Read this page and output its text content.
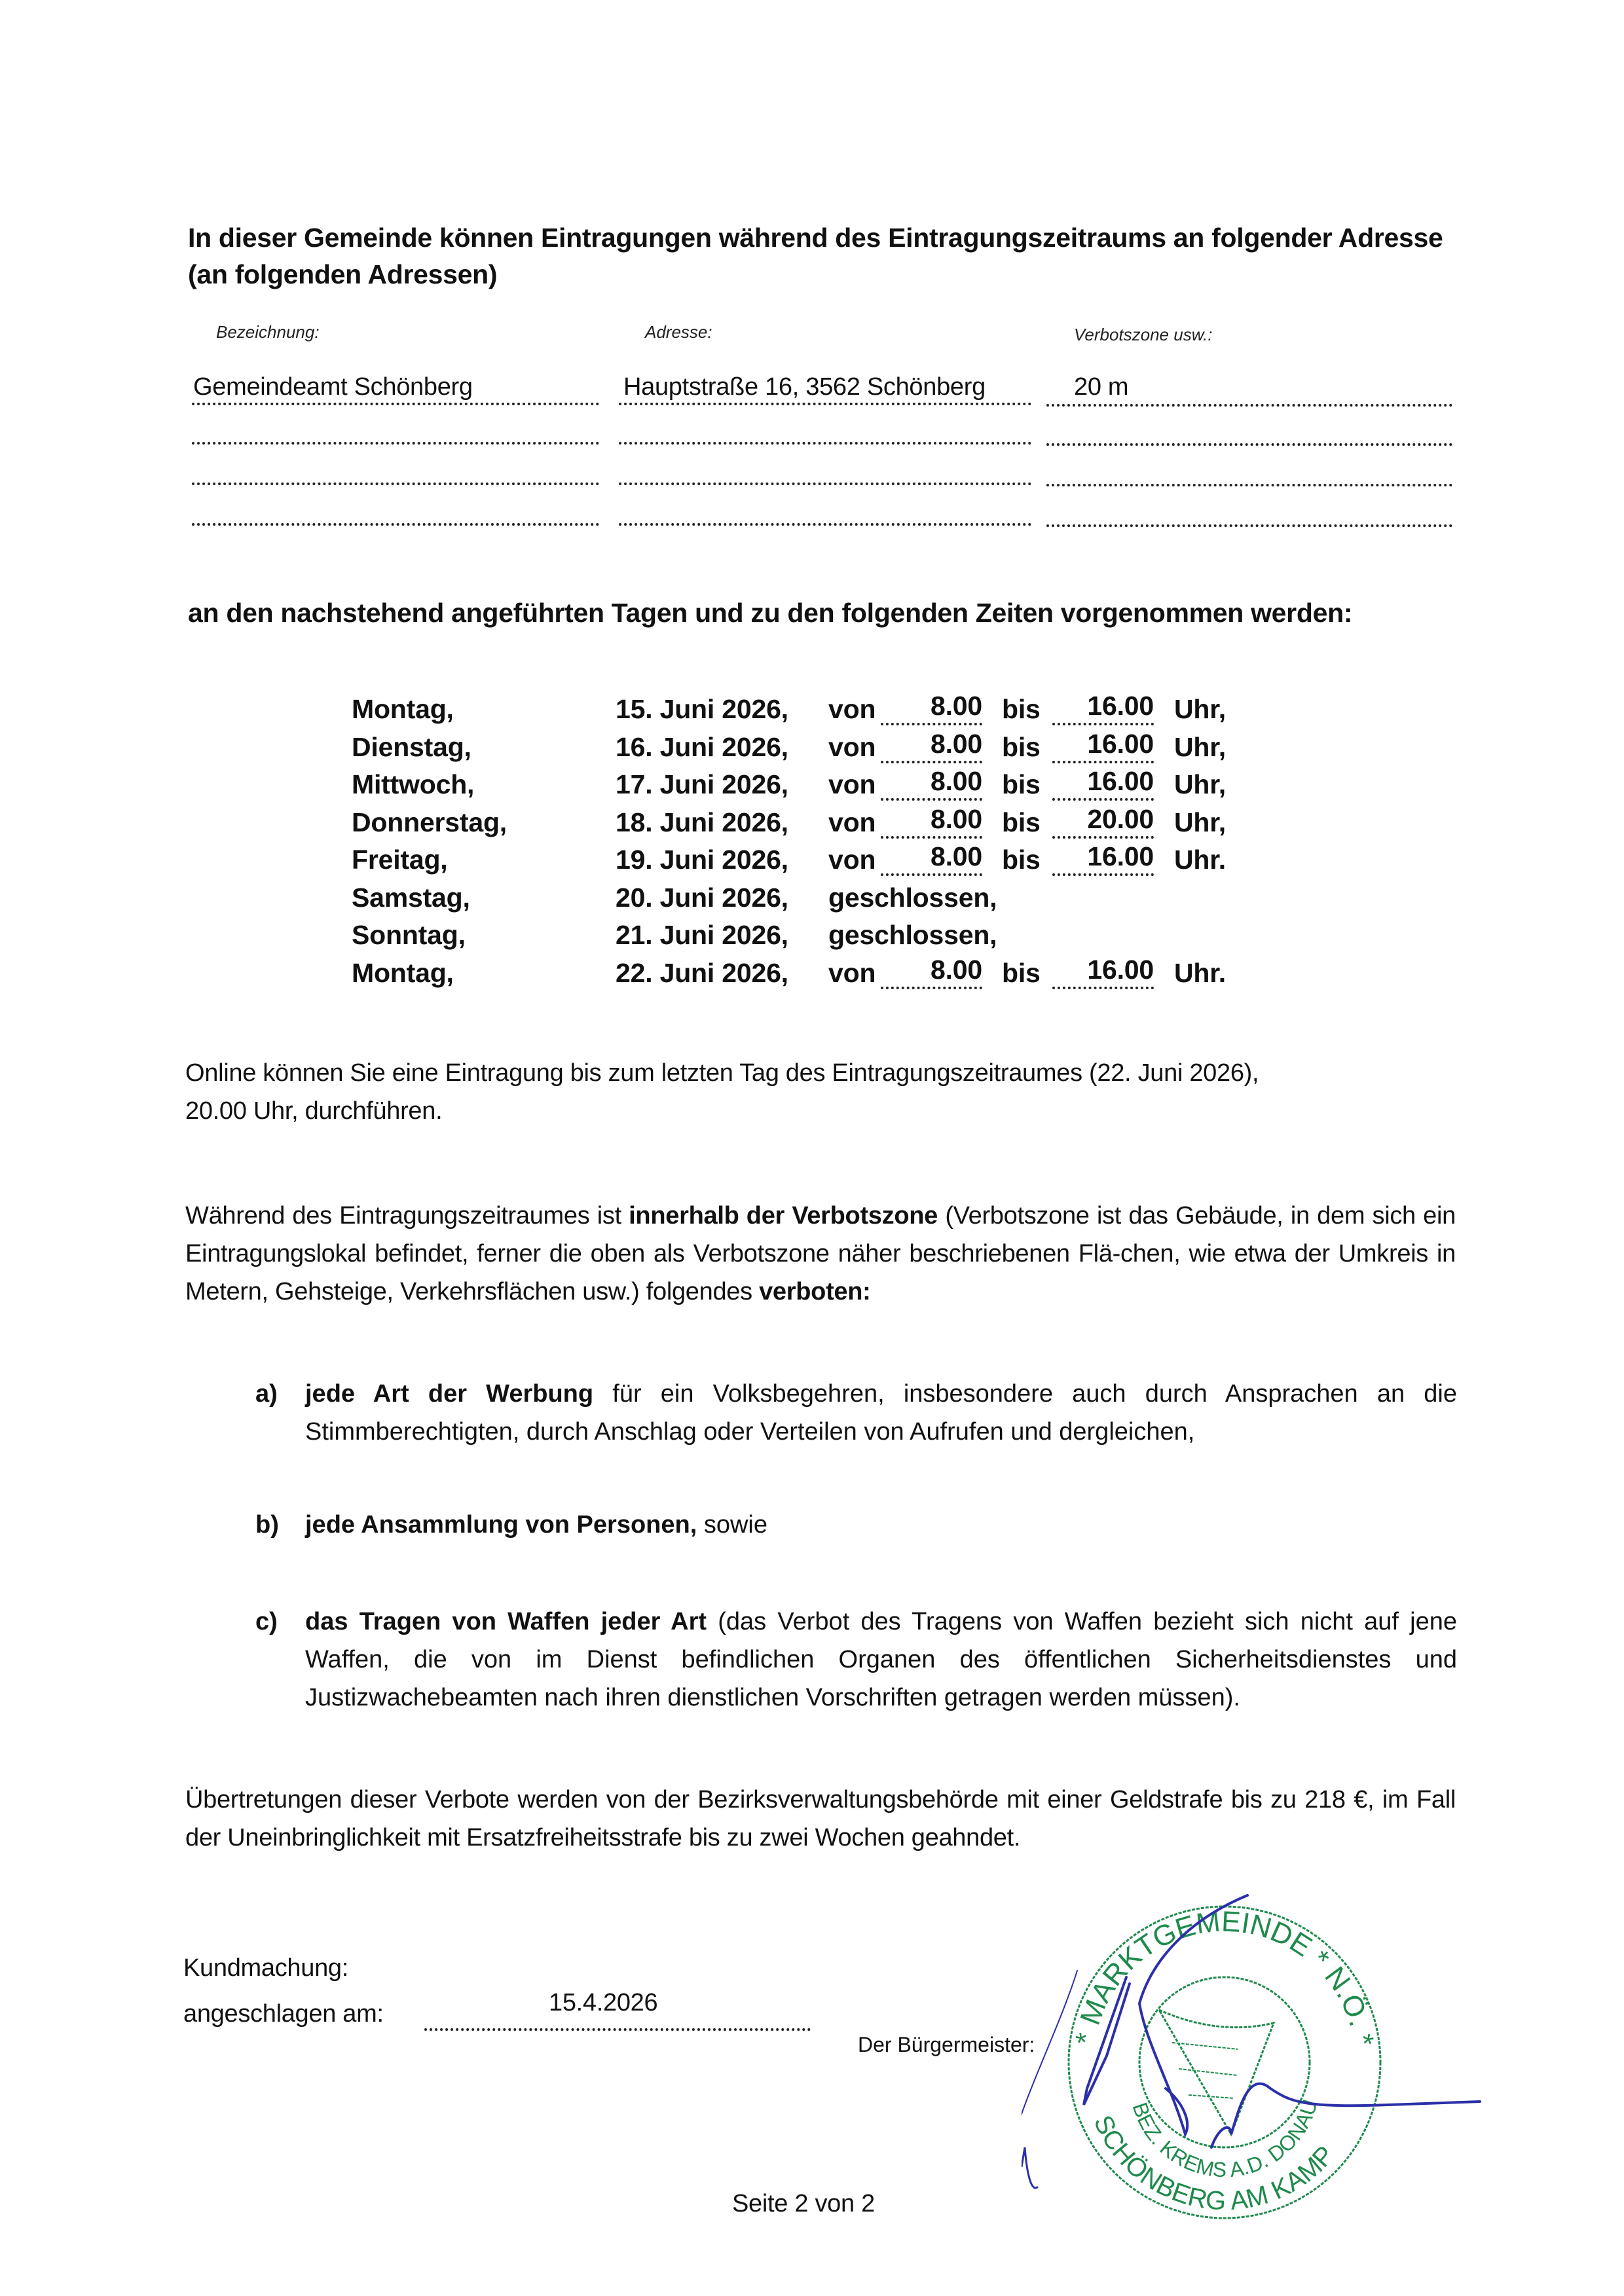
In dieser Gemeinde können Eintragungen während des Eintragungszeitraums an folgender Adresse
(an folgenden Adressen)
Bezeichnung:	Adresse:	Verbotszone usw.:
Gemeindeamt Schönberg	Hauptstraße 16, 3562 Schönberg	20 m
an den nachstehend angeführten Tagen und zu den folgenden Zeiten vorgenommen werden:
Montag,	15. Juni 2026, von	8.00 bis	16.00 Uhr,
Dienstag,	16. Juni 2026, von	8.00 bis	16.00 Uhr,
Mittwoch,	17. Juni 2026, von	8.00 bis	16.00 Uhr,
Donnerstag,	18. Juni 2026, von	8.00 bis	20.00 Uhr,
Freitag,	19. Juni 2026, von	8.00 bis	16.00 Uhr.
Samstag,	20. Juni 2026, geschlossen,
Sonntag,	21. Juni 2026, geschlossen,
Montag,	22. Juni 2026, von	8.00 bis	16.00 Uhr.
Online können Sie eine Eintragung bis zum letzten Tag des Eintragungszeitraumes (22. Juni 2026),
20.00 Uhr, durchführen.
Während des Eintragungszeitraumes ist innerhalb der Verbotszone (Verbotszone ist das Gebäude, in dem sich ein Eintragungslokal befindet, ferner die oben als Verbotszone näher beschriebenen Flä-chen, wie etwa der Umkreis in Metern, Gehsteige, Verkehrsflächen usw.) folgendes verboten:
a) jede Art der Werbung für ein Volksbegehren, insbesondere auch durch Ansprachen an die Stimmberechtigten, durch Anschlag oder Verteilen von Aufrufen und dergleichen,
b) jede Ansammlung von Personen, sowie
c) das Tragen von Waffen jeder Art (das Verbot des Tragens von Waffen bezieht sich nicht auf jene Waffen, die von im Dienst befindlichen Organen des öffentlichen Sicherheitsdienstes und Justizwachebeamten nach ihren dienstlichen Vorschriften getragen werden müssen).
Übertretungen dieser Verbote werden von der Bezirksverwaltungsbehörde mit einer Geldstrafe bis zu 218 €, im Fall der Uneinbringlichkeit mit Ersatzfreiheitsstrafe bis zu zwei Wochen geahndet.
Kundmachung:
angeschlagen am:	15.4.2026
Der Bürgermeister:
Seite 2 von 2
* MARKTGEMEINDE * N.Ö. *
SCHÖNBERG AM KAMP
BEZ. KREMS A.D. DONAU
